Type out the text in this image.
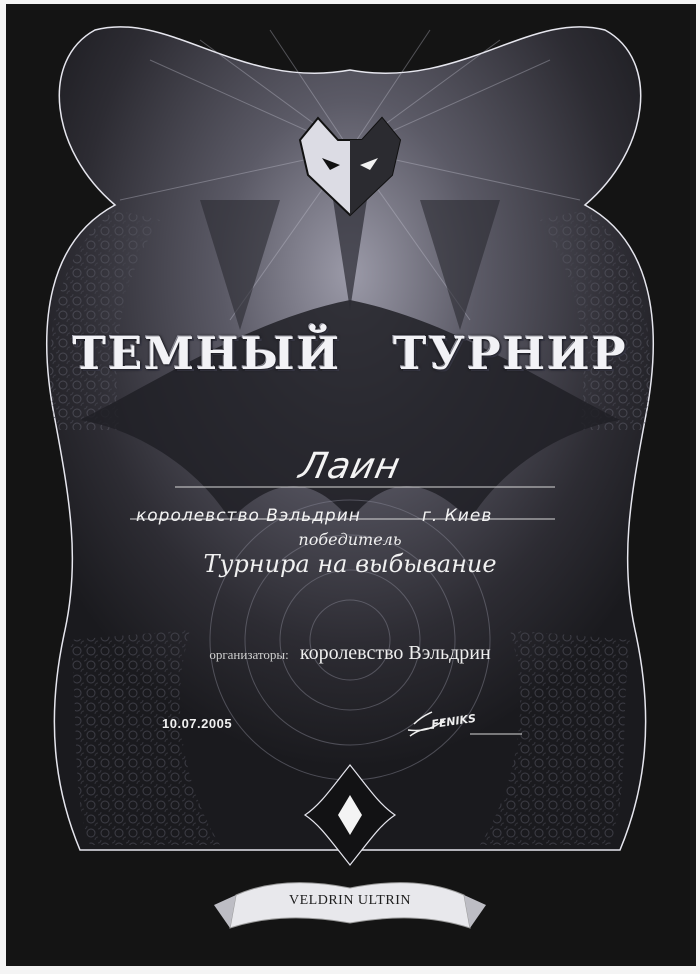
ТЕМНЫЙ ТУРНИР
Лаин
королевство Вэльдрин	г. Киев
победитель
Турнира на выбывание
организаторы: королевство Вэльдрин
10.07.2005	FENIKS
VELDRIN ULTRIN
